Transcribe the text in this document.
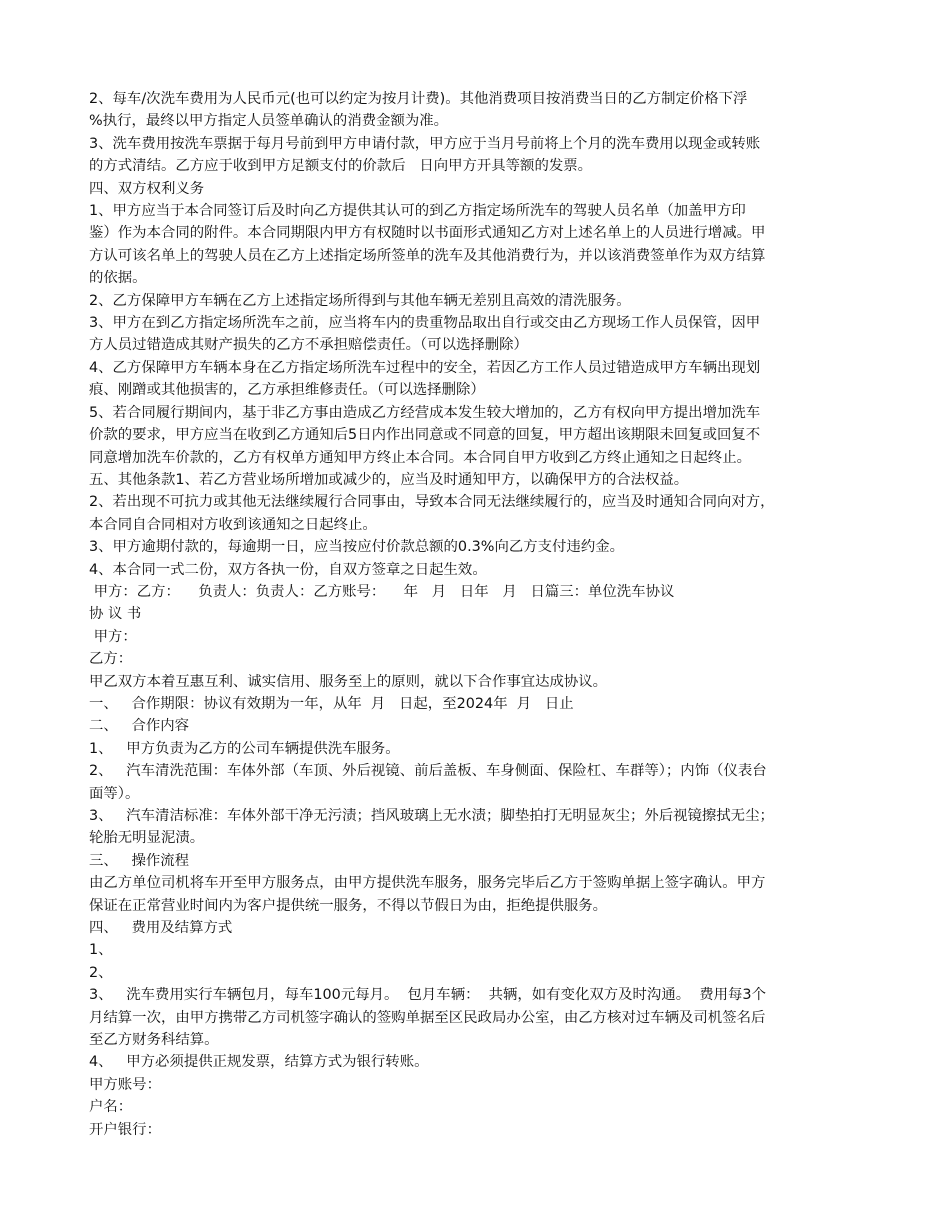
2、每车/次洗车费用为人民币元(也可以约定为按月计费)。其他消费项目按消费当日的乙方制定价格下浮
%执行，最终以甲方指定人员签单确认的消费金额为准。
3、洗车费用按洗车票据于每月号前到甲方申请付款，甲方应于当月号前将上个月的洗车费用以现金或转账
的方式清结。乙方应于收到甲方足额支付的价款后   日向甲方开具等额的发票。
四、双方权利义务
1、甲方应当于本合同签订后及时向乙方提供其认可的到乙方指定场所洗车的驾驶人员名单（加盖甲方印
鉴）作为本合同的附件。本合同期限内甲方有权随时以书面形式通知乙方对上述名单上的人员进行增减。甲
方认可该名单上的驾驶人员在乙方上述指定场所签单的洗车及其他消费行为，并以该消费签单作为双方结算
的依据。
2、乙方保障甲方车辆在乙方上述指定场所得到与其他车辆无差别且高效的清洗服务。
3、甲方在到乙方指定场所洗车之前，应当将车内的贵重物品取出自行或交由乙方现场工作人员保管，因甲
方人员过错造成其财产损失的乙方不承担赔偿责任。（可以选择删除）
4、乙方保障甲方车辆本身在乙方指定场所洗车过程中的安全，若因乙方工作人员过错造成甲方车辆出现划
痕、刚蹭或其他损害的，乙方承担维修责任。（可以选择删除）
5、若合同履行期间内，基于非乙方事由造成乙方经营成本发生较大增加的，乙方有权向甲方提出增加洗车
价款的要求，甲方应当在收到乙方通知后5日内作出同意或不同意的回复，甲方超出该期限未回复或回复不
同意增加洗车价款的，乙方有权单方通知甲方终止本合同。本合同自甲方收到乙方终止通知之日起终止。
五、其他条款1、若乙方营业场所增加或减少的，应当及时通知甲方，以确保甲方的合法权益。
2、若出现不可抗力或其他无法继续履行合同事由，导致本合同无法继续履行的，应当及时通知合同向对方，
本合同自合同相对方收到该通知之日起终止。
3、甲方逾期付款的，每逾期一日，应当按应付价款总额的0.3%向乙方支付违约金。
4、本合同一式二份，双方各执一份，自双方签章之日起生效。
甲方：乙方：    负责人：负责人：乙方账号：    年   月   日年   月   日篇三：单位洗车协议
协 议 书
甲方：
乙方：
甲乙双方本着互惠互利、诚实信用、服务至上的原则，就以下合作事宜达成协议。
一、   合作期限：协议有效期为一年，从年  月   日起，至2024年  月   日止
二、   合作内容
1、   甲方负责为乙方的公司车辆提供洗车服务。
2、   汽车清洗范围：车体外部（车顶、外后视镜、前后盖板、车身侧面、保险杠、车群等）；内饰（仪表台
面等）。
3、   汽车清洁标准：车体外部干净无污渍；挡风玻璃上无水渍；脚垫拍打无明显灰尘；外后视镜擦拭无尘；
轮胎无明显泥渍。
三、   操作流程
由乙方单位司机将车开至甲方服务点，由甲方提供洗车服务，服务完毕后乙方于签购单据上签字确认。甲方
保证在正常营业时间内为客户提供统一服务，不得以节假日为由，拒绝提供服务。
四、   费用及结算方式
1、
2、
3、   洗车费用实行车辆包月，每车100元每月。  包月车辆：  共辆，如有变化双方及时沟通。  费用每3个
月结算一次，由甲方携带乙方司机签字确认的签购单据至区民政局办公室，由乙方核对过车辆及司机签名后
至乙方财务科结算。
4、   甲方必须提供正规发票，结算方式为银行转账。
甲方账号：
户名：
开户银行：
